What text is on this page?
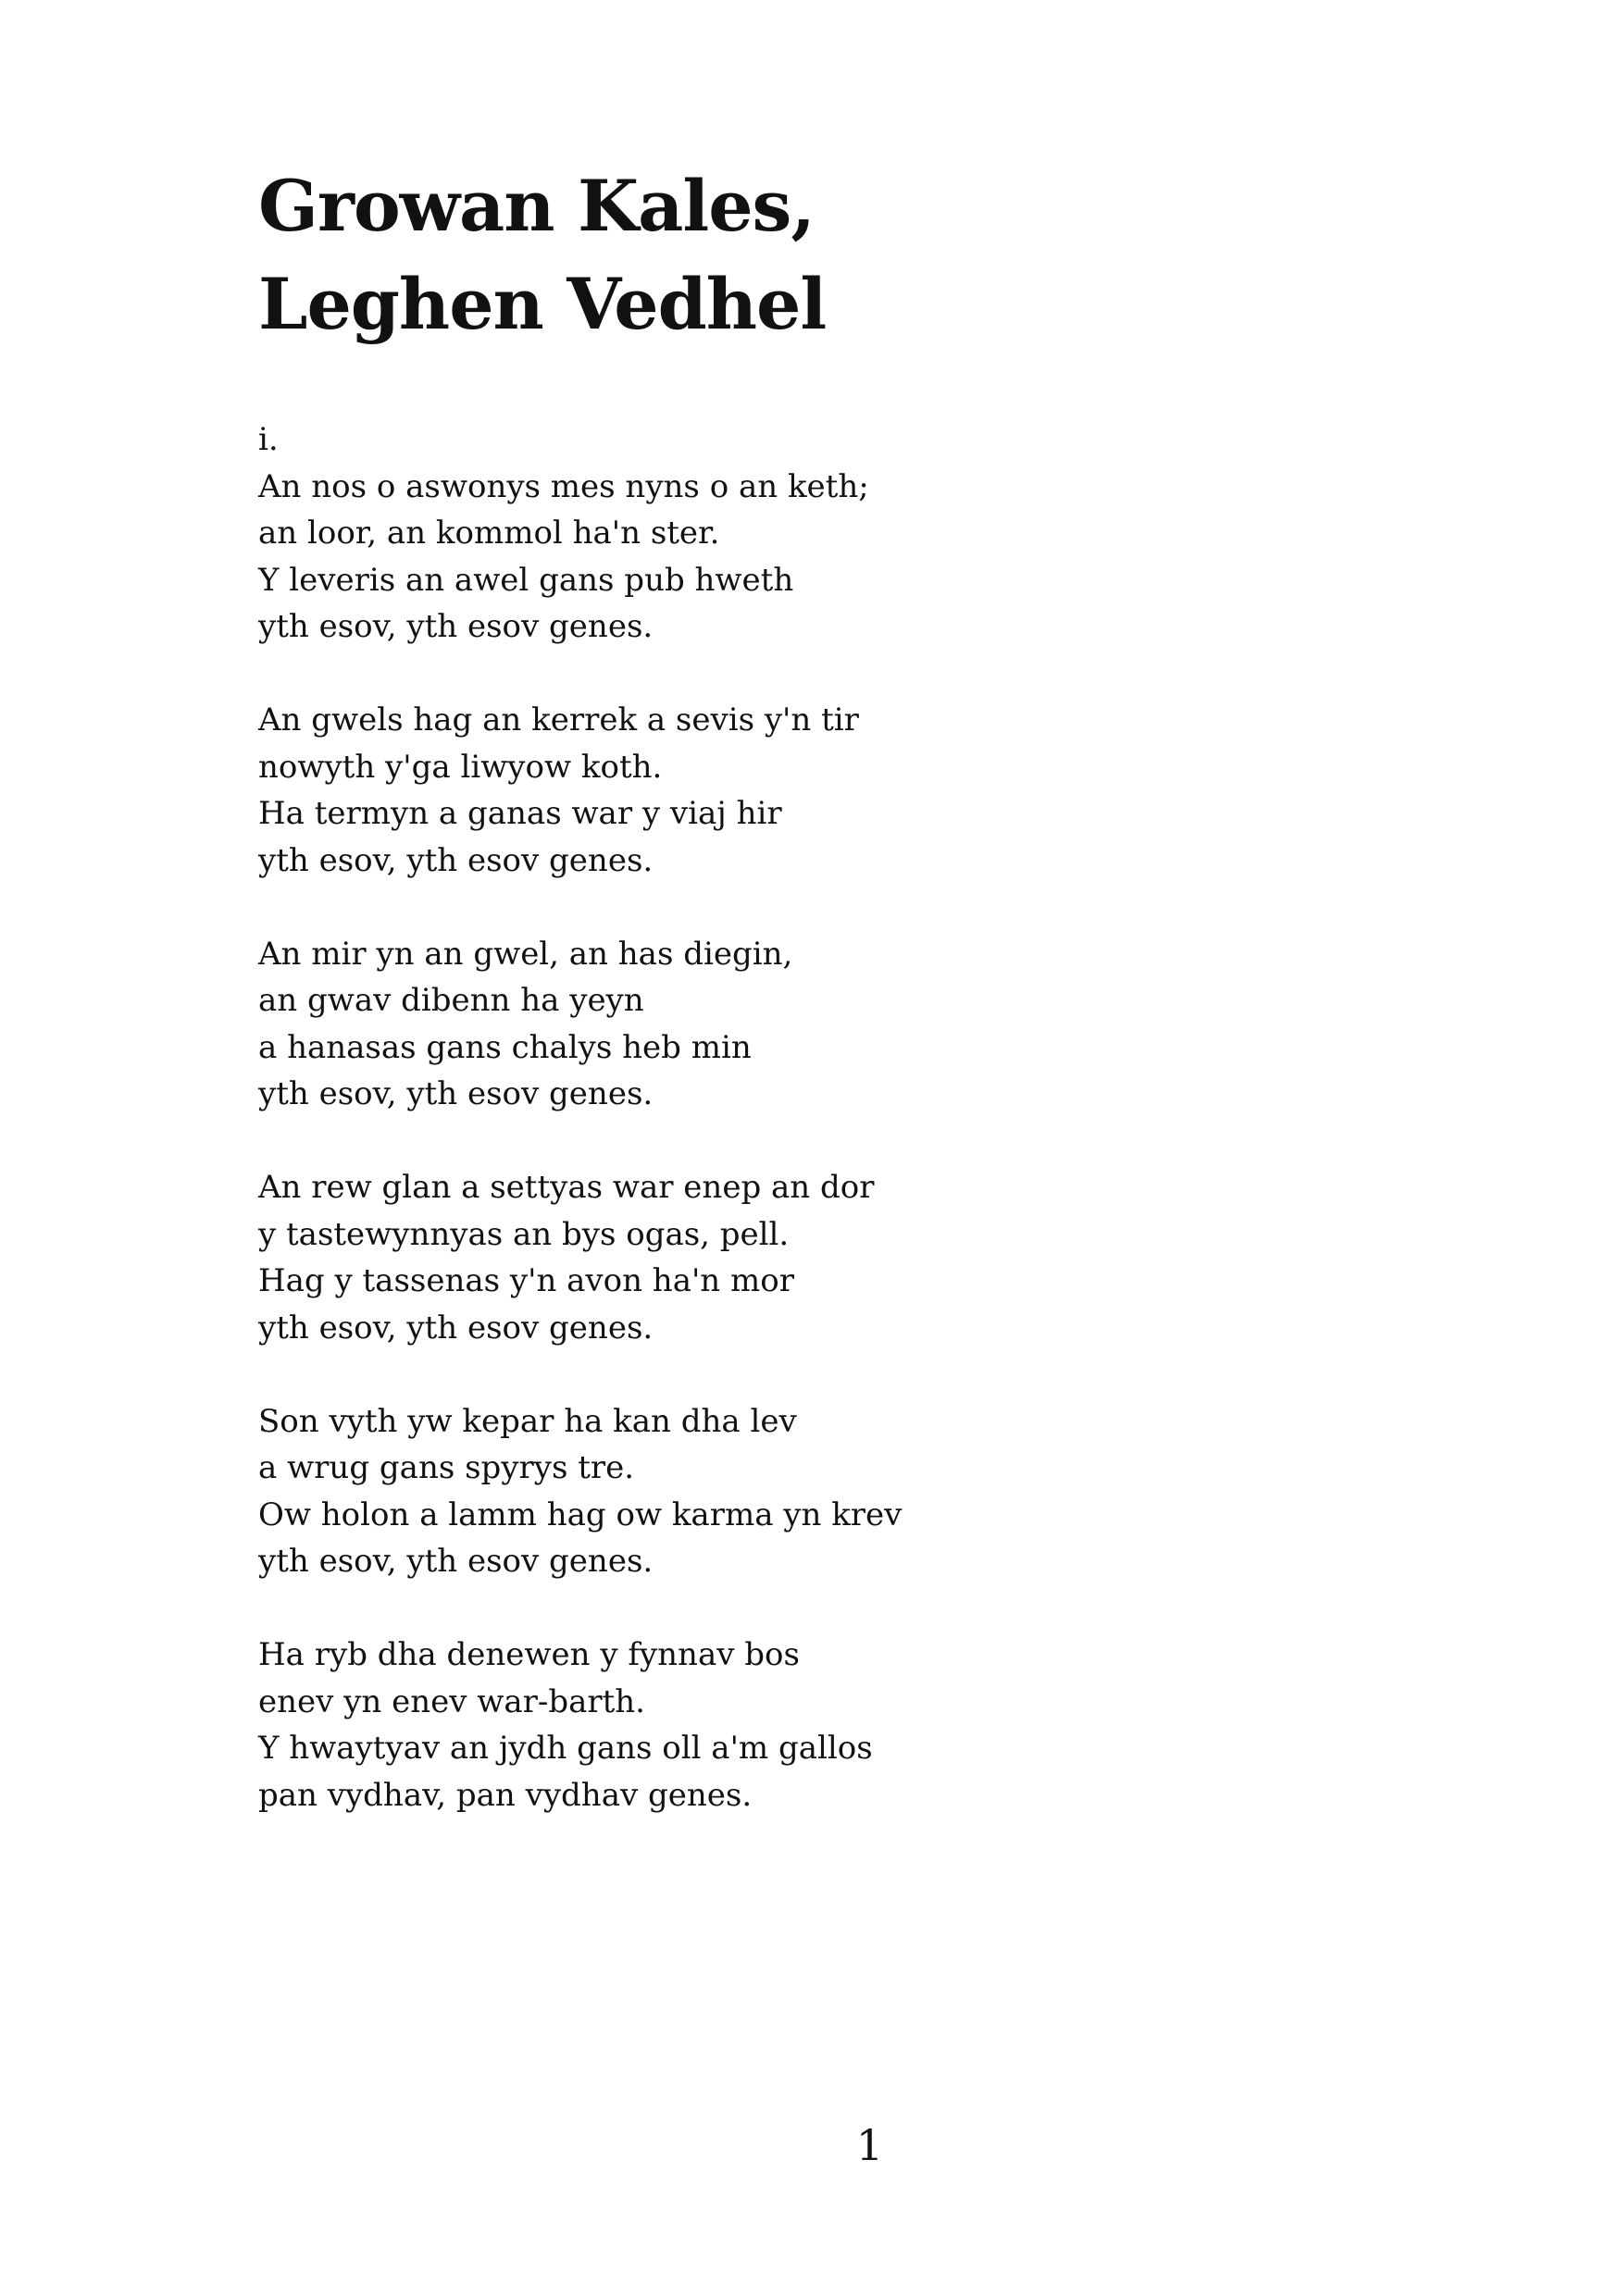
Growan Kales,
Leghen Vedhel
i.
An nos o aswonys mes nyns o an keth;
an loor, an kommol ha'n ster.
Y leveris an awel gans pub hweth
yth esov, yth esov genes.
An gwels hag an kerrek a sevis y'n tir
nowyth y'ga liwyow koth.
Ha termyn a ganas war y viaj hir
yth esov, yth esov genes.
An mir yn an gwel, an has diegin,
an gwav dibenn ha yeyn
a hanasas gans chalys heb min
yth esov, yth esov genes.
An rew glan a settyas war enep an dor
y tastewynnyas an bys ogas, pell.
Hag y tassenas y'n avon ha'n mor
yth esov, yth esov genes.
Son vyth yw kepar ha kan dha lev
a wrug gans spyrys tre.
Ow holon a lamm hag ow karma yn krev
yth esov, yth esov genes.
Ha ryb dha denewen y fynnav bos
enev yn enev war-barth.
Y hwaytyav an jydh gans oll a'm gallos
pan vydhav, pan vydhav genes.
1
